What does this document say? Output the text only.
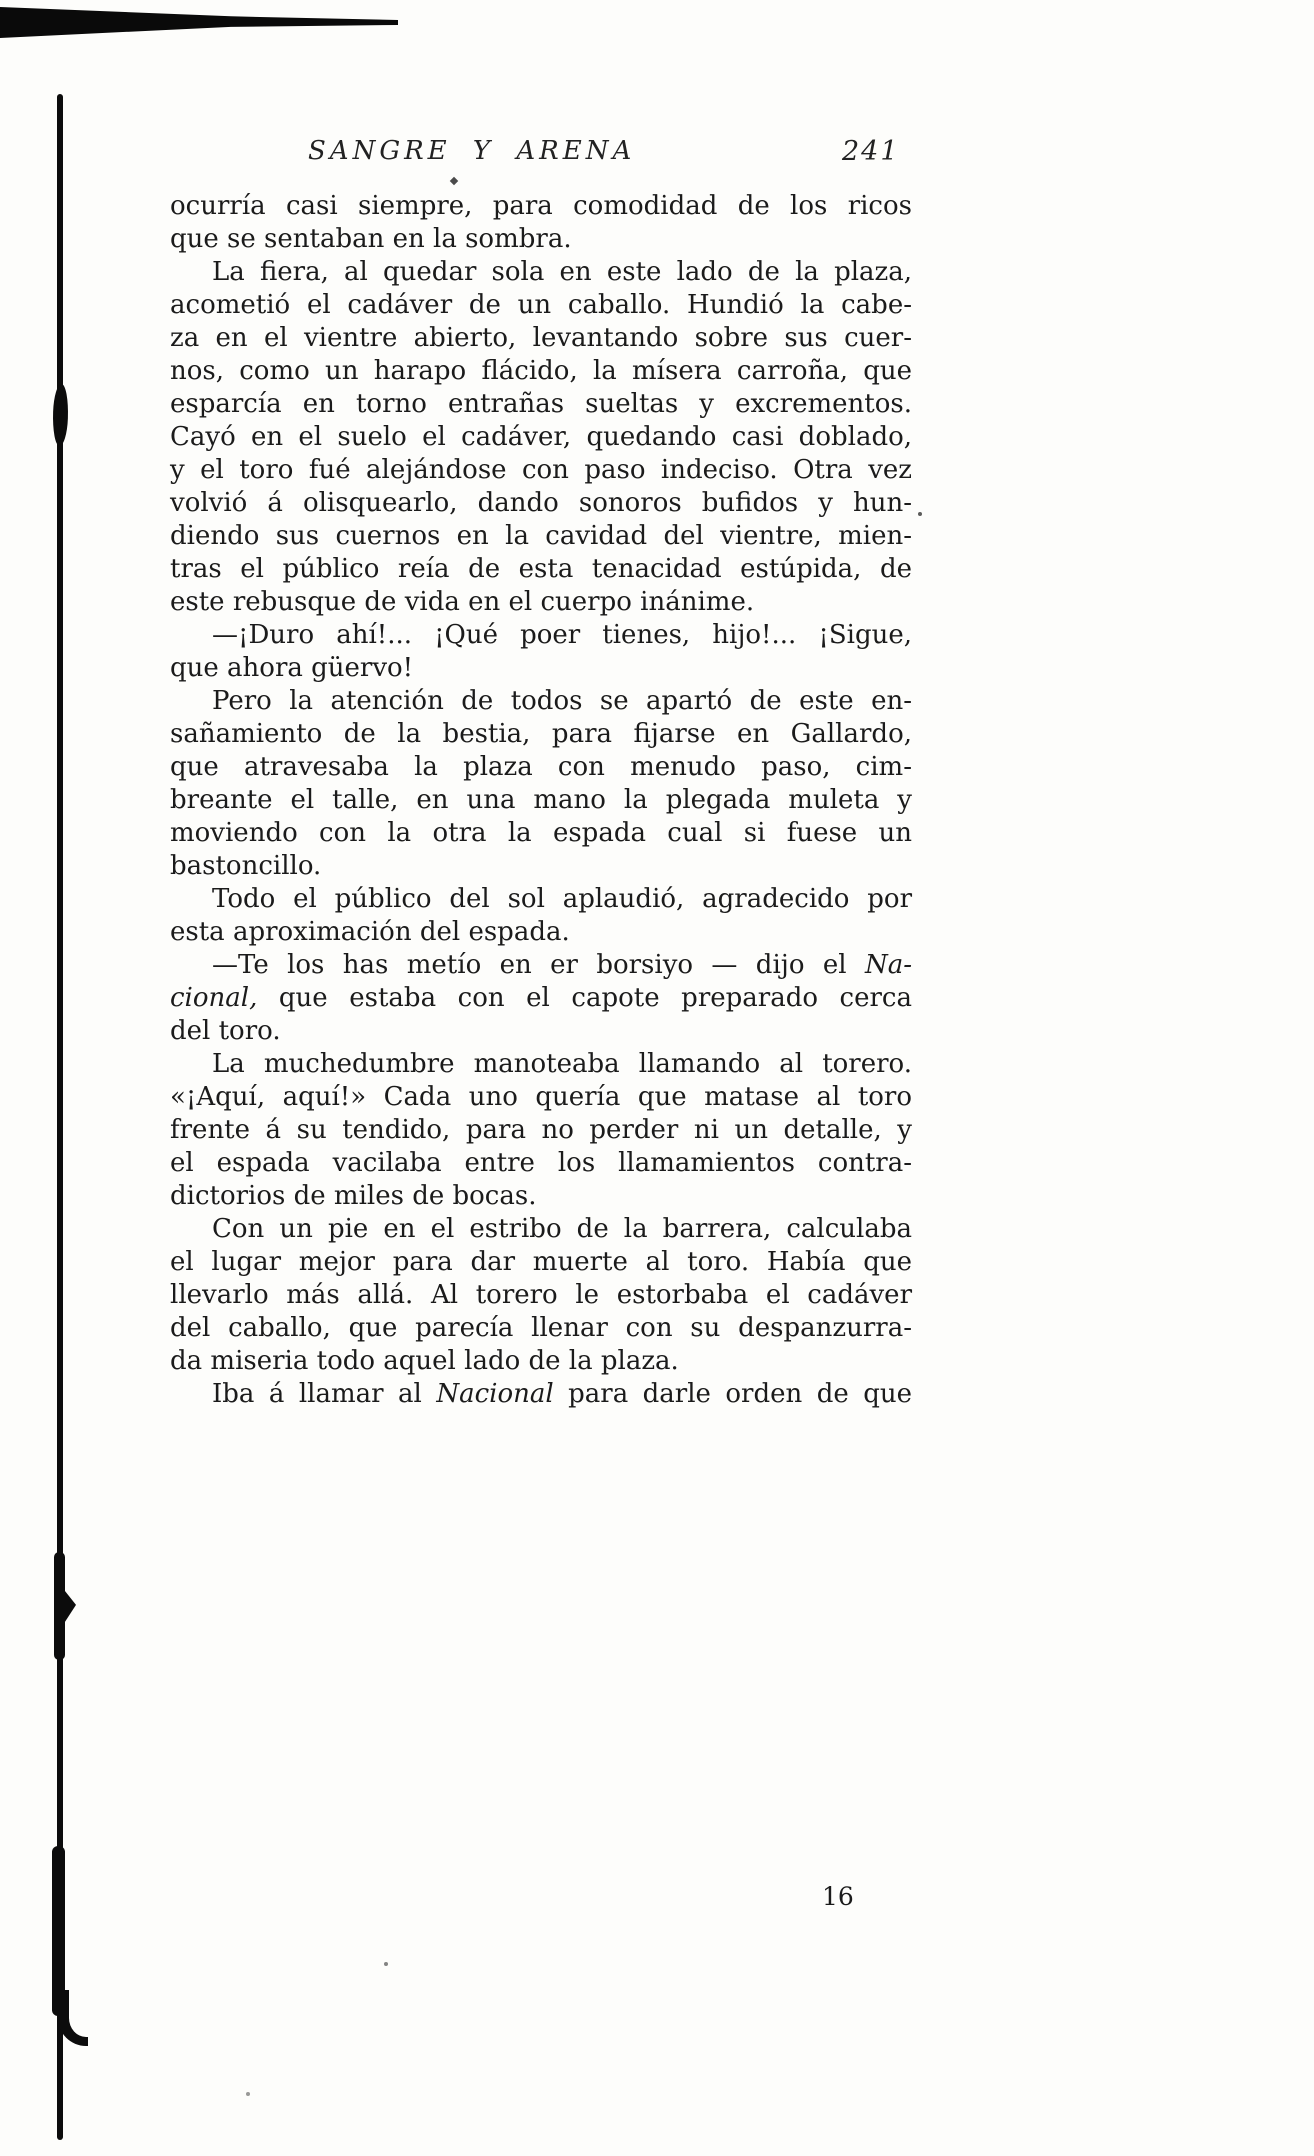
SANGRE Y ARENA	241
ocurría casi siempre, para comodidad de los ricos
que se sentaban en la sombra.
La fiera, al quedar sola en este lado de la plaza,
acometió el cadáver de un caballo. Hundió la cabe-
za en el vientre abierto, levantando sobre sus cuer-
nos, como un harapo flácido, la mísera carroña, que
esparcía en torno entrañas sueltas y excrementos.
Cayó en el suelo el cadáver, quedando casi doblado,
y el toro fué alejándose con paso indeciso. Otra vez
volvió á olisquearlo, dando sonoros bufidos y hun-
diendo sus cuernos en la cavidad del vientre, mien-
tras el público reía de esta tenacidad estúpida, de
este rebusque de vida en el cuerpo inánime.
—¡Duro ahí!... ¡Qué poer tienes, hijo!... ¡Sigue,
que ahora güervo!
Pero la atención de todos se apartó de este en-
sañamiento de la bestia, para fijarse en Gallardo,
que atravesaba la plaza con menudo paso, cim-
breante el talle, en una mano la plegada muleta y
moviendo con la otra la espada cual si fuese un
bastoncillo.
Todo el público del sol aplaudió, agradecido por
esta aproximación del espada.
—Te los has metío en er borsiyo — dijo el Na-
cional, que estaba con el capote preparado cerca
del toro.
La muchedumbre manoteaba llamando al torero.
«¡Aquí, aquí!» Cada uno quería que matase al toro
frente á su tendido, para no perder ni un detalle, y
el espada vacilaba entre los llamamientos contra-
dictorios de miles de bocas.
Con un pie en el estribo de la barrera, calculaba
el lugar mejor para dar muerte al toro. Había que
llevarlo más allá. Al torero le estorbaba el cadáver
del caballo, que parecía llenar con su despanzurra-
da miseria todo aquel lado de la plaza.
Iba á llamar al Nacional para darle orden de que
16
